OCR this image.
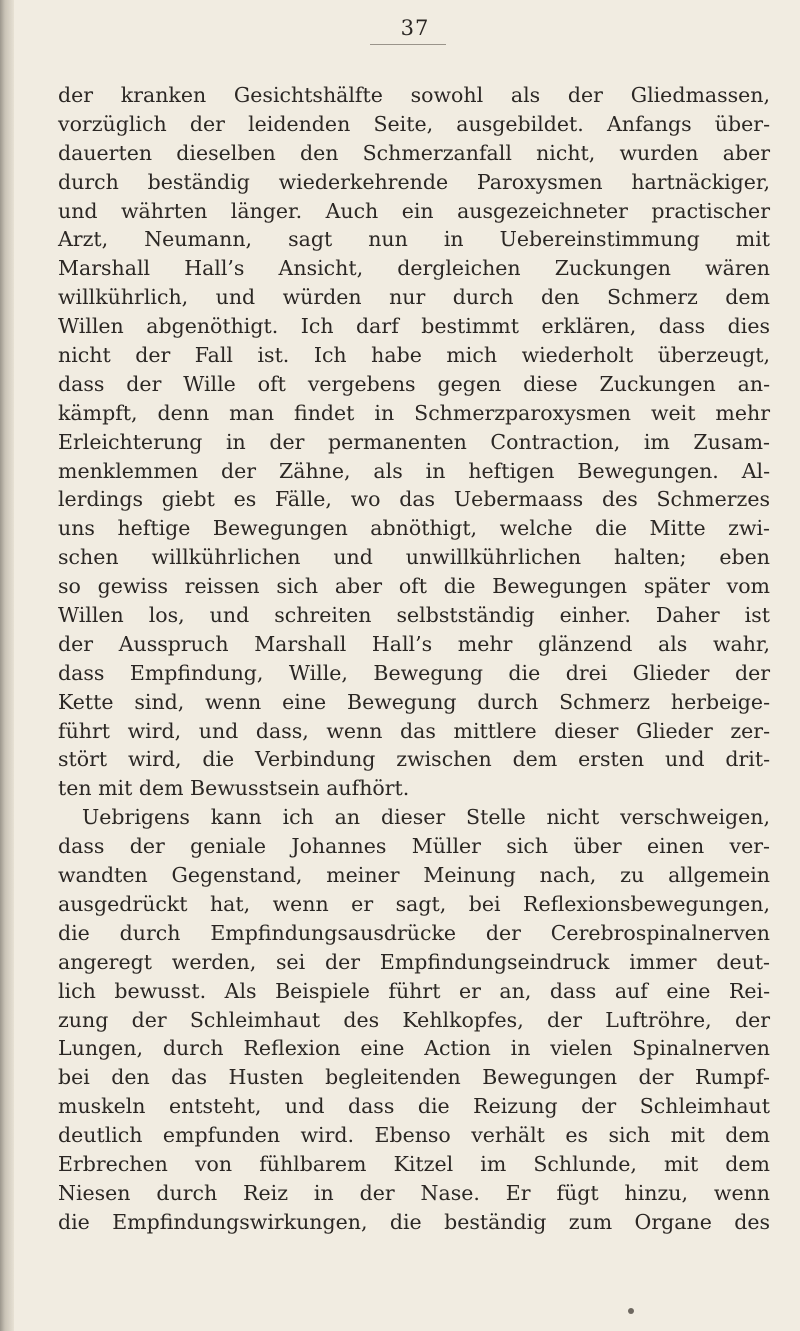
37
der kranken Gesichtshälfte sowohl als der Gliedmassen,
vorzüglich der leidenden Seite, ausgebildet. Anfangs über-
dauerten dieselben den Schmerzanfall nicht, wurden aber
durch beständig wiederkehrende Paroxysmen hartnäckiger,
und währten länger. Auch ein ausgezeichneter practischer
Arzt, Neumann, sagt nun in Uebereinstimmung mit
Marshall Hall’s Ansicht, dergleichen Zuckungen wären
willkührlich, und würden nur durch den Schmerz dem
Willen abgenöthigt. Ich darf bestimmt erklären, dass dies
nicht der Fall ist. Ich habe mich wiederholt überzeugt,
dass der Wille oft vergebens gegen diese Zuckungen an-
kämpft, denn man findet in Schmerzparoxysmen weit mehr
Erleichterung in der permanenten Contraction, im Zusam-
menklemmen der Zähne, als in heftigen Bewegungen. Al-
lerdings giebt es Fälle, wo das Uebermaass des Schmerzes
uns heftige Bewegungen abnöthigt, welche die Mitte zwi-
schen willkührlichen und unwillkührlichen halten; eben
so gewiss reissen sich aber oft die Bewegungen später vom
Willen los, und schreiten selbstständig einher. Daher ist
der Ausspruch Marshall Hall’s mehr glänzend als wahr,
dass Empfindung, Wille, Bewegung die drei Glieder der
Kette sind, wenn eine Bewegung durch Schmerz herbeige-
führt wird, und dass, wenn das mittlere dieser Glieder zer-
stört wird, die Verbindung zwischen dem ersten und drit-
ten mit dem Bewusstsein aufhört.
Uebrigens kann ich an dieser Stelle nicht verschweigen,
dass der geniale Johannes Müller sich über einen ver-
wandten Gegenstand, meiner Meinung nach, zu allgemein
ausgedrückt hat, wenn er sagt, bei Reflexionsbewegungen,
die durch Empfindungsausdrücke der Cerebrospinalnerven
angeregt werden, sei der Empfindungseindruck immer deut-
lich bewusst. Als Beispiele führt er an, dass auf eine Rei-
zung der Schleimhaut des Kehlkopfes, der Luftröhre, der
Lungen, durch Reflexion eine Action in vielen Spinalnerven
bei den das Husten begleitenden Bewegungen der Rumpf-
muskeln entsteht, und dass die Reizung der Schleimhaut
deutlich empfunden wird. Ebenso verhält es sich mit dem
Erbrechen von fühlbarem Kitzel im Schlunde, mit dem
Niesen durch Reiz in der Nase. Er fügt hinzu, wenn
die Empfindungswirkungen, die beständig zum Organe des
